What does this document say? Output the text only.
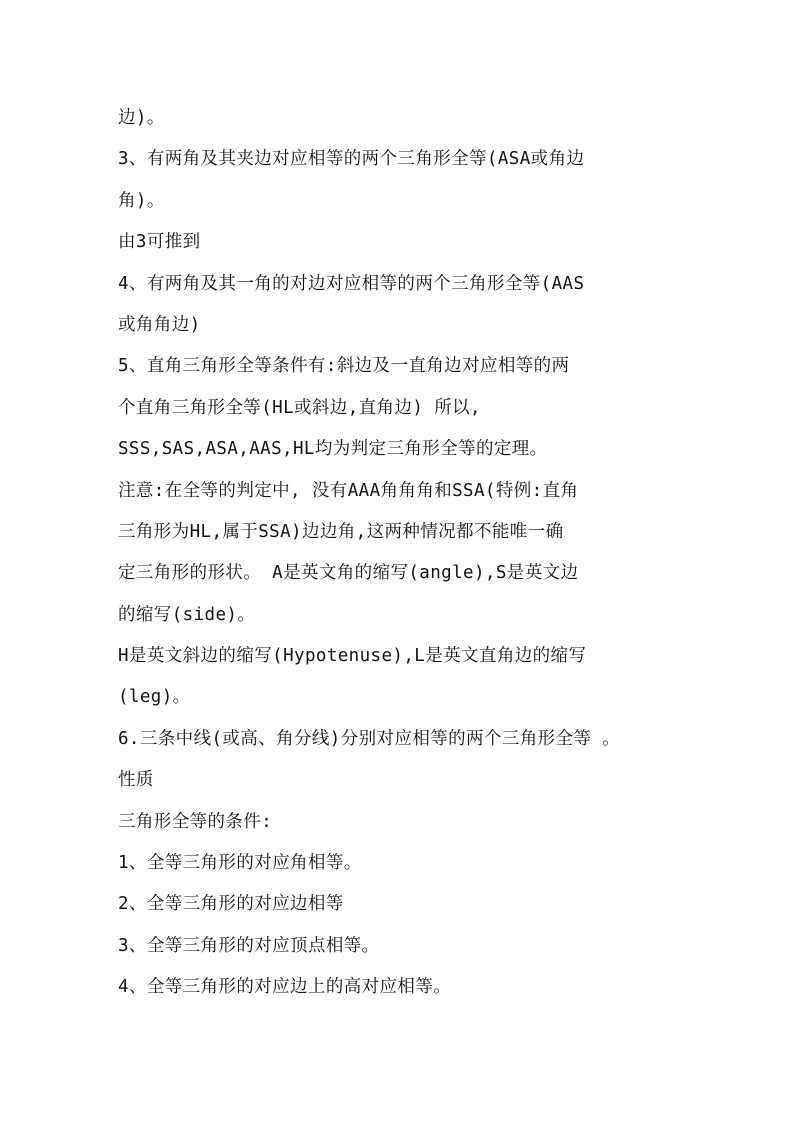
边)。
3、有两角及其夹边对应相等的两个三角形全等(ASA或角边
角)。
由3可推到
4、有两角及其一角的对边对应相等的两个三角形全等(AAS
或角角边)
5、直角三角形全等条件有:斜边及一直角边对应相等的两
个直角三角形全等(HL或斜边,直角边) 所以,
SSS,SAS,ASA,AAS,HL均为判定三角形全等的定理。
注意:在全等的判定中, 没有AAA角角角和SSA(特例:直角
三角形为HL,属于SSA)边边角,这两种情况都不能唯一确
定三角形的形状。 A是英文角的缩写(angle),S是英文边
的缩写(side)。
H是英文斜边的缩写(Hypotenuse),L是英文直角边的缩写
(leg)。
6.三条中线(或高、角分线)分别对应相等的两个三角形全等 。
性质
三角形全等的条件:
1、全等三角形的对应角相等。
2、全等三角形的对应边相等
3、全等三角形的对应顶点相等。
4、全等三角形的对应边上的高对应相等。
